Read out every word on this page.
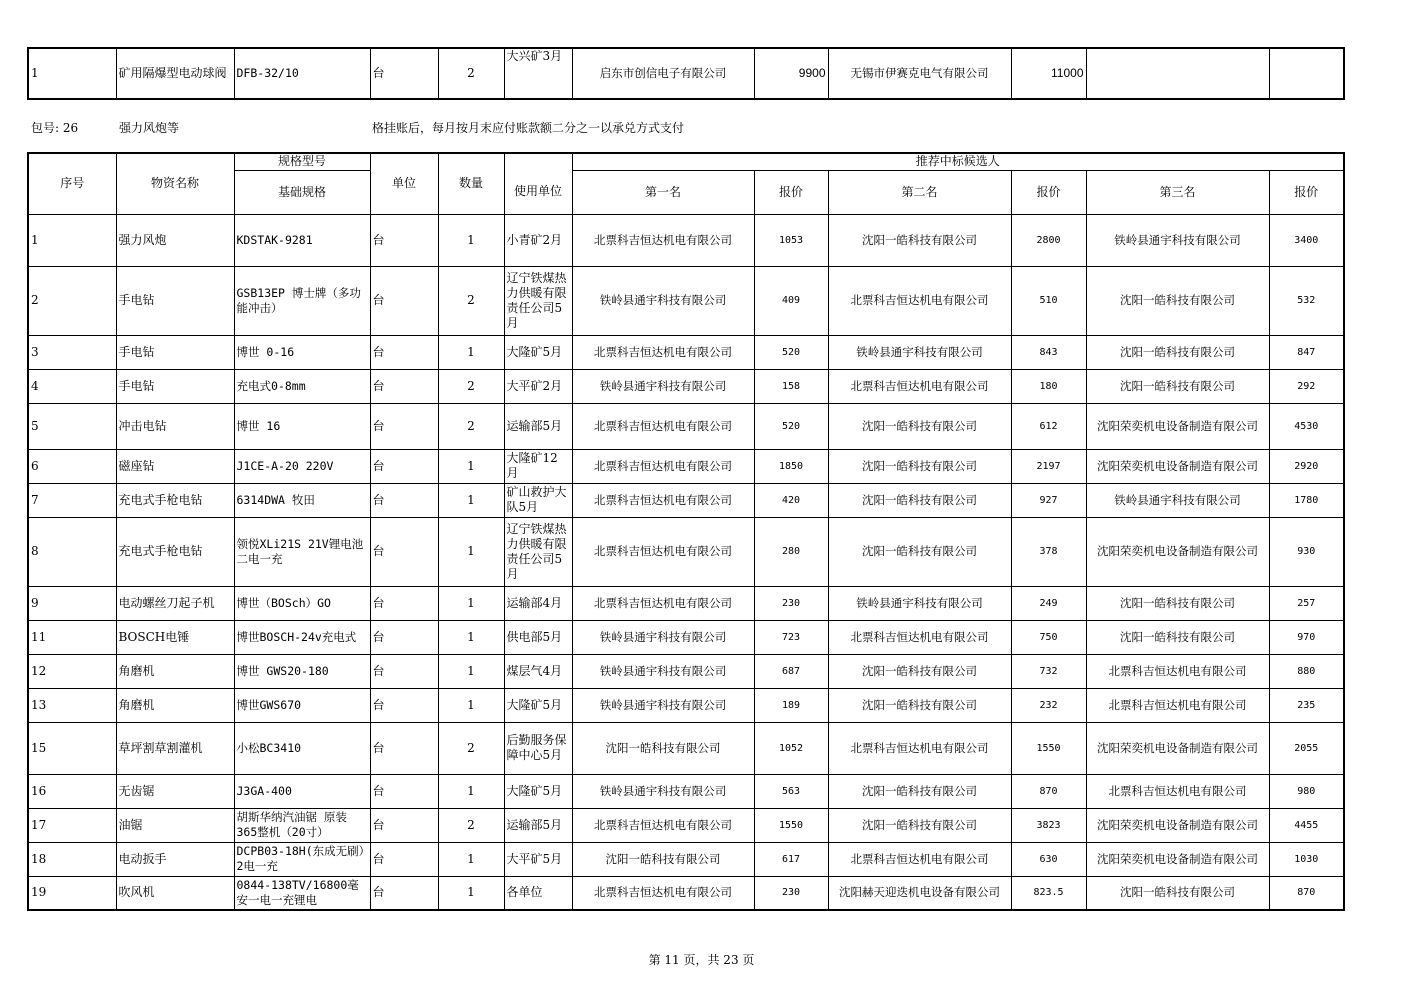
1	矿用隔爆型电动球阀	DFB-32/10	台	2	大兴矿3月	启东市创信电子有限公司	9900	无锡市伊赛克电气有限公司	11000		
包号: 26	强力风炮等	格挂账后，每月按月末应付账款额二分之一以承兑方式支付
序号	物资名称	规格型号	单位	数量		推荐中标候选人					
		基础规格			使用单位	第一名	报价	第二名	报价	第三名	报价
1	强力风炮	KDSTAK-9281	台	1	小青矿2月	北票科吉恒达机电有限公司	1053	沈阳一皓科技有限公司	2800	铁岭县通宇科技有限公司	3400
2	手电钻	GSB13EP 博士牌（多功能冲击）	台	2	辽宁铁煤热力供暖有限责任公司5月	铁岭县通宇科技有限公司	409	北票科吉恒达机电有限公司	510	沈阳一皓科技有限公司	532
3	手电钻	博世 0-16	台	1	大隆矿5月	北票科吉恒达机电有限公司	520	铁岭县通宇科技有限公司	843	沈阳一皓科技有限公司	847
4	手电钻	充电式0-8mm	台	2	大平矿2月	铁岭县通宇科技有限公司	158	北票科吉恒达机电有限公司	180	沈阳一皓科技有限公司	292
5	冲击电钻	博世 16	台	2	运输部5月	北票科吉恒达机电有限公司	520	沈阳一皓科技有限公司	612	沈阳荣奕机电设备制造有限公司	4530
6	磁座钻	J1CE-A-20 220V	台	1	大隆矿12月	北票科吉恒达机电有限公司	1850	沈阳一皓科技有限公司	2197	沈阳荣奕机电设备制造有限公司	2920
7	充电式手枪电钻	6314DWA 牧田	台	1	矿山救护大队5月	北票科吉恒达机电有限公司	420	沈阳一皓科技有限公司	927	铁岭县通宇科技有限公司	1780
8	充电式手枪电钻	领悦XLi21S 21V锂电池 二电一充	台	1	辽宁铁煤热力供暖有限责任公司5月	北票科吉恒达机电有限公司	280	沈阳一皓科技有限公司	378	沈阳荣奕机电设备制造有限公司	930
9	电动螺丝刀起子机	博世（BOSch）GO	台	1	运输部4月	北票科吉恒达机电有限公司	230	铁岭县通宇科技有限公司	249	沈阳一皓科技有限公司	257
11	BOSCH电锤	博世BOSCH-24v充电式	台	1	供电部5月	铁岭县通宇科技有限公司	723	北票科吉恒达机电有限公司	750	沈阳一皓科技有限公司	970
12	角磨机	博世 GWS20-180	台	1	煤层气4月	铁岭县通宇科技有限公司	687	沈阳一皓科技有限公司	732	北票科吉恒达机电有限公司	880
13	角磨机	博世GWS670	台	1	大隆矿5月	铁岭县通宇科技有限公司	189	沈阳一皓科技有限公司	232	北票科吉恒达机电有限公司	235
15	草坪割草割灌机	小松BC3410	台	2	后勤服务保障中心5月	沈阳一皓科技有限公司	1052	北票科吉恒达机电有限公司	1550	沈阳荣奕机电设备制造有限公司	2055
16	无齿锯	J3GA-400	台	1	大隆矿5月	铁岭县通宇科技有限公司	563	沈阳一皓科技有限公司	870	北票科吉恒达机电有限公司	980
17	油锯	胡斯华纳汽油锯 原装365整机（20寸）	台	2	运输部5月	北票科吉恒达机电有限公司	1550	沈阳一皓科技有限公司	3823	沈阳荣奕机电设备制造有限公司	4455
18	电动扳手	DCPB03-18H(东成无刷）2电一充	台	1	大平矿5月	沈阳一皓科技有限公司	617	北票科吉恒达机电有限公司	630	沈阳荣奕机电设备制造有限公司	1030
19	吹风机	0844-138TV/16800毫安一电一充锂电	台	1	各单位	北票科吉恒达机电有限公司	230	沈阳赫天迎迭机电设备有限公司	823.5	沈阳一皓科技有限公司	870
第 11 页，共 23 页
